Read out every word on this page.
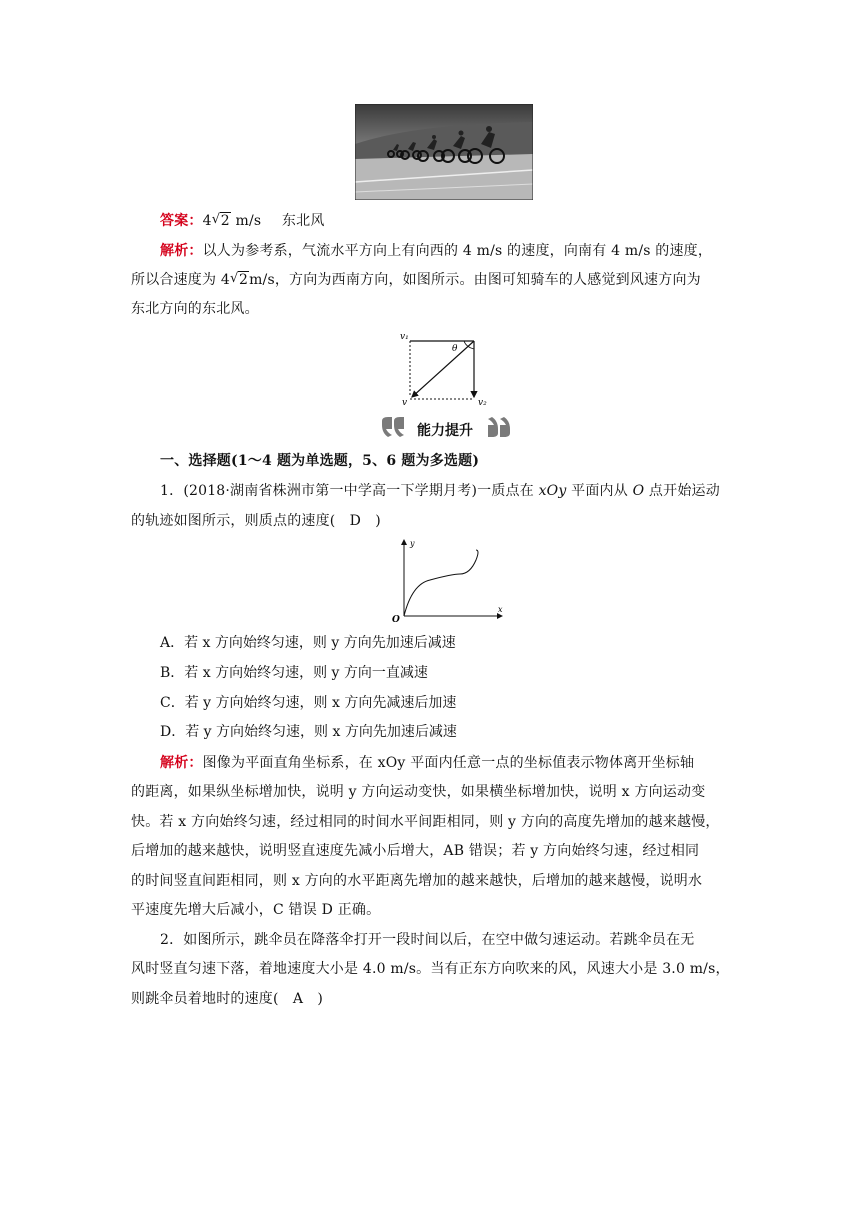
答案：4 √ 2 m/s 东北风
解析：以人为参考系，气流水平方向上有向西的 4 m/s 的速度，向南有 4 m/s 的速度，
所以合速度为 4 √ 2m/s，方向为西南方向，如图所示。由图可知骑车的人感觉到风速方向为
东北方向的东北风。
v₁
θ
v	v₂
能力提升
一、选择题(1～4 题为单选题，5、6 题为多选题)
1．(2018·湖南省株洲市第一中学高一下学期月考)一质点在 xOy 平面内从 O 点开始运动
的轨迹如图所示，则质点的速度(　D　)
y
x
O
A．若 x 方向始终匀速，则 y 方向先加速后减速
B．若 x 方向始终匀速，则 y 方向一直减速
C．若 y 方向始终匀速，则 x 方向先减速后加速
D．若 y 方向始终匀速，则 x 方向先加速后减速
解析：图像为平面直角坐标系，在 xOy 平面内任意一点的坐标值表示物体离开坐标轴
的距离，如果纵坐标增加快，说明 y 方向运动变快，如果横坐标增加快，说明 x 方向运动变
快。若 x 方向始终匀速，经过相同的时间水平间距相同，则 y 方向的高度先增加的越来越慢，
后增加的越来越快，说明竖直速度先减小后增大，AB 错误；若 y 方向始终匀速，经过相同
的时间竖直间距相同，则 x 方向的水平距离先增加的越来越快，后增加的越来越慢，说明水
平速度先增大后减小，C 错误 D 正确。
2．如图所示，跳伞员在降落伞打开一段时间以后，在空中做匀速运动。若跳伞员在无
风时竖直匀速下落，着地速度大小是 4.0 m/s。当有正东方向吹来的风，风速大小是 3.0 m/s，
则跳伞员着地时的速度(　A　)
